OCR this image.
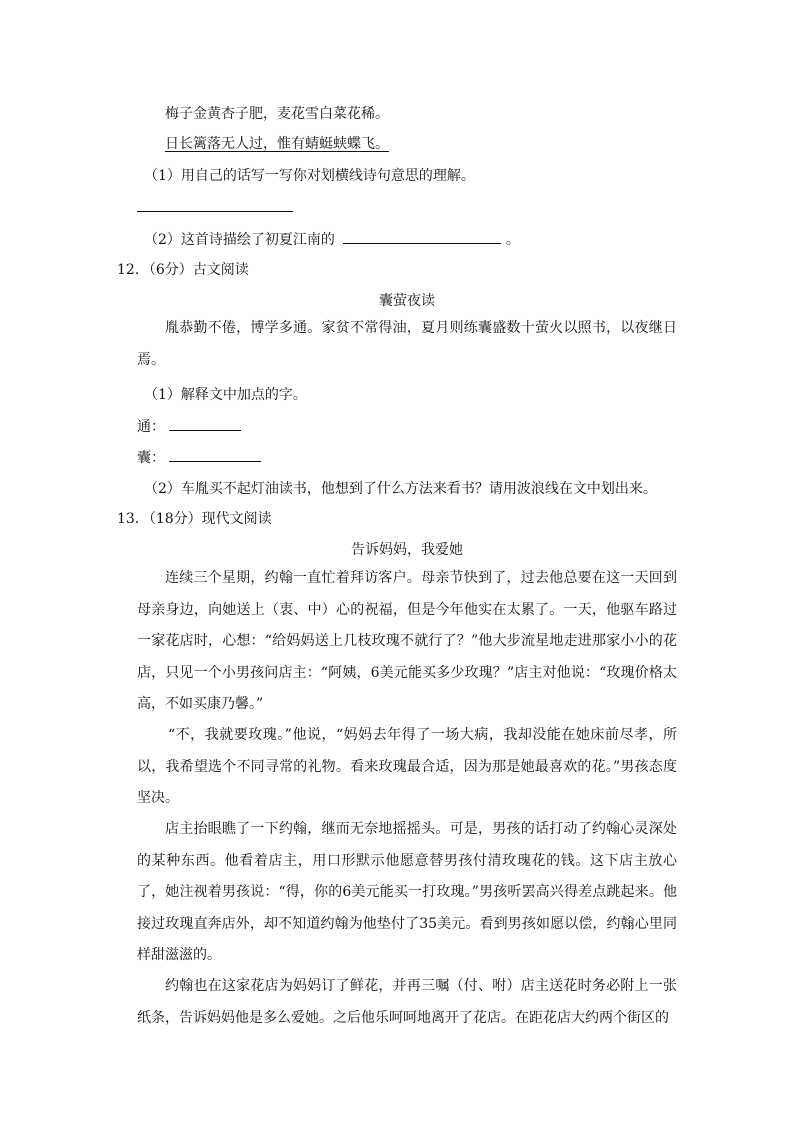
梅子金黄杏子肥，麦花雪白菜花稀。
日长篱落无人过，惟有蜻蜓蛱蝶飞。
（1）用自己的话写一写你对划横线诗句意思的理解。
（2）这首诗描绘了初夏江南的	。
12．（6分）古文阅读
囊萤夜读
胤恭勤不倦，博学多通。家贫不常得油，夏月则练囊盛数十萤火以照书，以夜继日焉。
（1）解释文中加点的字。
通：
囊：
（2）车胤买不起灯油读书，他想到了什么方法来看书？请用波浪线在文中划出来。
13．（18分）现代文阅读
告诉妈妈，我爱她
连续三个星期，约翰一直忙着拜访客户。母亲节快到了，过去他总要在这一天回到母亲身边，向她送上（衷、中）心的祝福，但是今年他实在太累了。一天，他驱车路过一家花店时，心想：“给妈妈送上几枝玫瑰不就行了？”他大步流星地走进那家小小的花店，只见一个小男孩问店主：“阿姨，6美元能买多少玫瑰？”店主对他说：“玫瑰价格太高，不如买康乃馨。”
“不，我就要玫瑰。”他说，“妈妈去年得了一场大病，我却没能在她床前尽孝，所以，我希望选个不同寻常的礼物。看来玫瑰最合适，因为那是她最喜欢的花。”男孩态度坚决。
店主抬眼瞧了一下约翰，继而无奈地摇摇头。可是，男孩的话打动了约翰心灵深处的某种东西。他看着店主，用口形默示他愿意替男孩付清玫瑰花的钱。这下店主放心了，她注视着男孩说：“得，你的6美元能买一打玫瑰。”男孩听罢高兴得差点跳起来。他接过玫瑰直奔店外，却不知道约翰为他垫付了35美元。看到男孩如愿以偿，约翰心里同样甜滋滋的。
约翰也在这家花店为妈妈订了鲜花，并再三嘱（付、咐）店主送花时务必附上一张纸条，告诉妈妈他是多么爱她。之后他乐呵呵地离开了花店。在距花店大约两个街区的
